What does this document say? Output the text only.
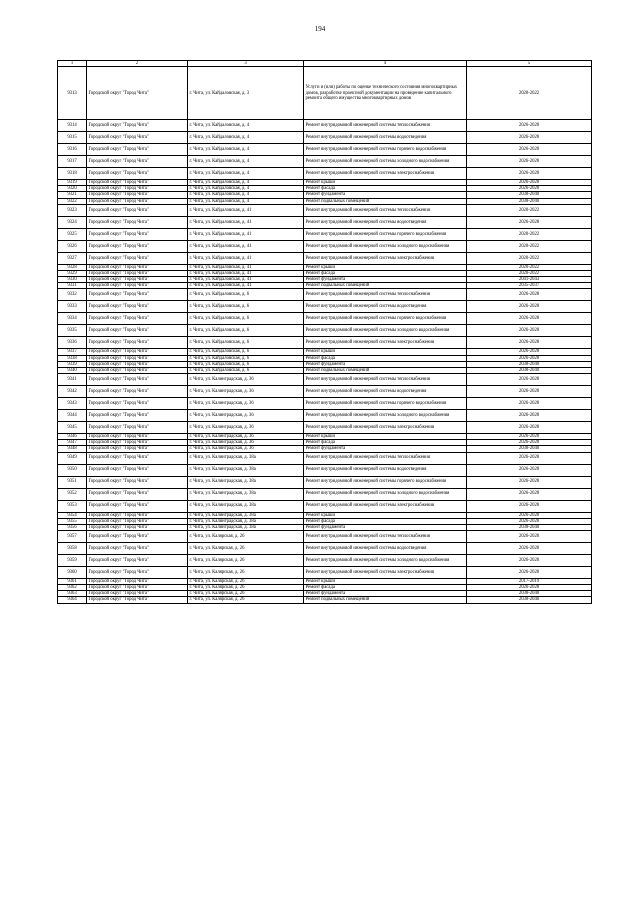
194
1	2	3	4	5
9313	Городской округ "Город Чита"	г. Чита, ул. Кайдаловская, д. 3	Услуги и (или) работы по оценке технического состояния многоквартирных домов, разработке проектной документации на проведение капитального ремонта общего имущества многоквартирных домов	2020-2022
9314	Городской округ "Город Чита"	г. Чита, ул. Кайдаловская, д. 4	Ремонт внутридомовой инженерной системы теплоснабжения	2026-2028
9315	Городской округ "Город Чита"	г. Чита, ул. Кайдаловская, д. 4	Ремонт внутридомовой инженерной системы водоотведения	2026-2028
9316	Городской округ "Город Чита"	г. Чита, ул. Кайдаловская, д. 4	Ремонт внутридомовой инженерной системы горячего водоснабжения	2026-2028
9317	Городской округ "Город Чита"	г. Чита, ул. Кайдаловская, д. 4	Ремонт внутридомовой инженерной системы холодного водоснабжения	2026-2028
9318	Городской округ "Город Чита"	г. Чита, ул. Кайдаловская, д. 4	Ремонт внутридомовой инженерной системы электроснабжения	2026-2028
9319	Городской округ "Город Чита"	г. Чита, ул. Кайдаловская, д. 4	Ремонт крыши	2026-2028
9320	Городской округ "Город Чита"	г. Чита, ул. Кайдаловская, д. 4	Ремонт фасада	2026-2028
9321	Городской округ "Город Чита"	г. Чита, ул. Кайдаловская, д. 4	Ремонт фундамента	2038-2040
9322	Городской округ "Город Чита"	г. Чита, ул. Кайдаловская, д. 4	Ремонт подвальных помещений	2038-2040
9323	Городской округ "Город Чита"	г. Чита, ул. Кайдаловская, д. 41	Ремонт внутридомовой инженерной системы теплоснабжения	2020-2022
9324	Городской округ "Город Чита"	г. Чита, ул. Кайдаловская, д. 41	Ремонт внутридомовой инженерной системы водоотведения	2026-2028
9325	Городской округ "Город Чита"	г. Чита, ул. Кайдаловская, д. 41	Ремонт внутридомовой инженерной системы горячего водоснабжения	2020-2022
9326	Городской округ "Город Чита"	г. Чита, ул. Кайдаловская, д. 41	Ремонт внутридомовой инженерной системы холодного водоснабжения	2020-2022
9327	Городской округ "Город Чита"	г. Чита, ул. Кайдаловская, д. 41	Ремонт внутридомовой инженерной системы электроснабжения	2020-2022
9328	Городской округ "Город Чита"	г. Чита, ул. Кайдаловская, д. 41	Ремонт крыши	2020-2022
9329	Городской округ "Город Чита"	г. Чита, ул. Кайдаловская, д. 41	Ремонт фасада	2020-2022
9330	Городской округ "Город Чита"	г. Чита, ул. Кайдаловская, д. 41	Ремонт фундамента	2041-2043
9331	Городской округ "Город Чита"	г. Чита, ул. Кайдаловская, д. 41	Ремонт подвальных помещений	2035-2037
9332	Городской округ "Город Чита"	г. Чита, ул. Кайдаловская, д. 6	Ремонт внутридомовой инженерной системы теплоснабжения	2026-2028
9333	Городской округ "Город Чита"	г. Чита, ул. Кайдаловская, д. 6	Ремонт внутридомовой инженерной системы водоотведения	2026-2028
9334	Городской округ "Город Чита"	г. Чита, ул. Кайдаловская, д. 6	Ремонт внутридомовой инженерной системы горячего водоснабжения	2026-2028
9335	Городской округ "Город Чита"	г. Чита, ул. Кайдаловская, д. 6	Ремонт внутридомовой инженерной системы холодного водоснабжения	2026-2028
9336	Городской округ "Город Чита"	г. Чита, ул. Кайдаловская, д. 6	Ремонт внутридомовой инженерной системы электроснабжения	2026-2028
9337	Городской округ "Город Чита"	г. Чита, ул. Кайдаловская, д. 6	Ремонт крыши	2026-2028
9338	Городской округ "Город Чита"	г. Чита, ул. Кайдаловская, д. 6	Ремонт фасада	2026-2028
9339	Городской округ "Город Чита"	г. Чита, ул. Кайдаловская, д. 6	Ремонт фундамента	2038-2040
9340	Городской округ "Город Чита"	г. Чита, ул. Кайдаловская, д. 6	Ремонт подвальных помещений	2038-2040
9341	Городской округ "Город Чита"	г. Чита, ул. Калинградская, д. 36	Ремонт внутридомовой инженерной системы теплоснабжения	2026-2028
9342	Городской округ "Город Чита"	г. Чита, ул. Калинградская, д. 36	Ремонт внутридомовой инженерной системы водоотведения	2026-2028
9343	Городской округ "Город Чита"	г. Чита, ул. Калинградская, д. 36	Ремонт внутридомовой инженерной системы горячего водоснабжения	2026-2028
9344	Городской округ "Город Чита"	г. Чита, ул. Калинградская, д. 36	Ремонт внутридомовой инженерной системы холодного водоснабжения	2026-2028
9345	Городской округ "Город Чита"	г. Чита, ул. Калинградская, д. 36	Ремонт внутридомовой инженерной системы электроснабжения	2026-2028
9346	Городской округ "Город Чита"	г. Чита, ул. Калинградская, д. 36	Ремонт крыши	2026-2028
9347	Городской округ "Город Чита"	г. Чита, ул. Калинградская, д. 36	Ремонт фасада	2026-2028
9348	Городской округ "Город Чита"	г. Чита, ул. Калинградская, д. 36	Ремонт фундамента	2038-2040
9349	Городской округ "Город Чита"	г. Чита, ул. Калинградская, д. 38а	Ремонт внутридомовой инженерной системы теплоснабжения	2026-2028
9350	Городской округ "Город Чита"	г. Чита, ул. Калинградская, д. 38а	Ремонт внутридомовой инженерной системы водоотведения	2026-2028
9351	Городской округ "Город Чита"	г. Чита, ул. Калинградская, д. 38а	Ремонт внутридомовой инженерной системы горячего водоснабжения	2026-2028
9352	Городской округ "Город Чита"	г. Чита, ул. Калинградская, д. 38а	Ремонт внутридомовой инженерной системы холодного водоснабжения	2026-2028
9353	Городской округ "Город Чита"	г. Чита, ул. Калинградская, д. 38а	Ремонт внутридомовой инженерной системы электроснабжения	2026-2028
9354	Городской округ "Город Чита"	г. Чита, ул. Калинградская, д. 38а	Ремонт крыши	2026-2028
9355	Городской округ "Город Чита"	г. Чита, ул. Калинградская, д. 38а	Ремонт фасада	2026-2028
9356	Городской округ "Город Чита"	г. Чита, ул. Калинградская, д. 38а	Ремонт фундамента	2038-2040
9357	Городской округ "Город Чита"	г. Чита, ул. Калярская, д. 26	Ремонт внутридомовой инженерной системы теплоснабжения	2026-2028
9358	Городской округ "Город Чита"	г. Чита, ул. Калярская, д. 26	Ремонт внутридомовой инженерной системы водоотведения	2026-2028
9359	Городской округ "Город Чита"	г. Чита, ул. Калярская, д. 26	Ремонт внутридомовой инженерной системы холодного водоснабжения	2026-2028
9360	Городской округ "Город Чита"	г. Чита, ул. Калярская, д. 26	Ремонт внутридомовой инженерной системы электроснабжения	2026-2028
9361	Городской округ "Город Чита"	г. Чита, ул. Калярская, д. 26	Ремонт крыши	2017-2019
9362	Городской округ "Город Чита"	г. Чита, ул. Калярская, д. 26	Ремонт фасада	2026-2028
9363	Городской округ "Город Чита"	г. Чита, ул. Калярская, д. 26	Ремонт фундамента	2038-2040
9364	Городской округ "Город Чита"	г. Чита, ул. Калярская, д. 26	Ремонт подвальных помещений	2038-2040
